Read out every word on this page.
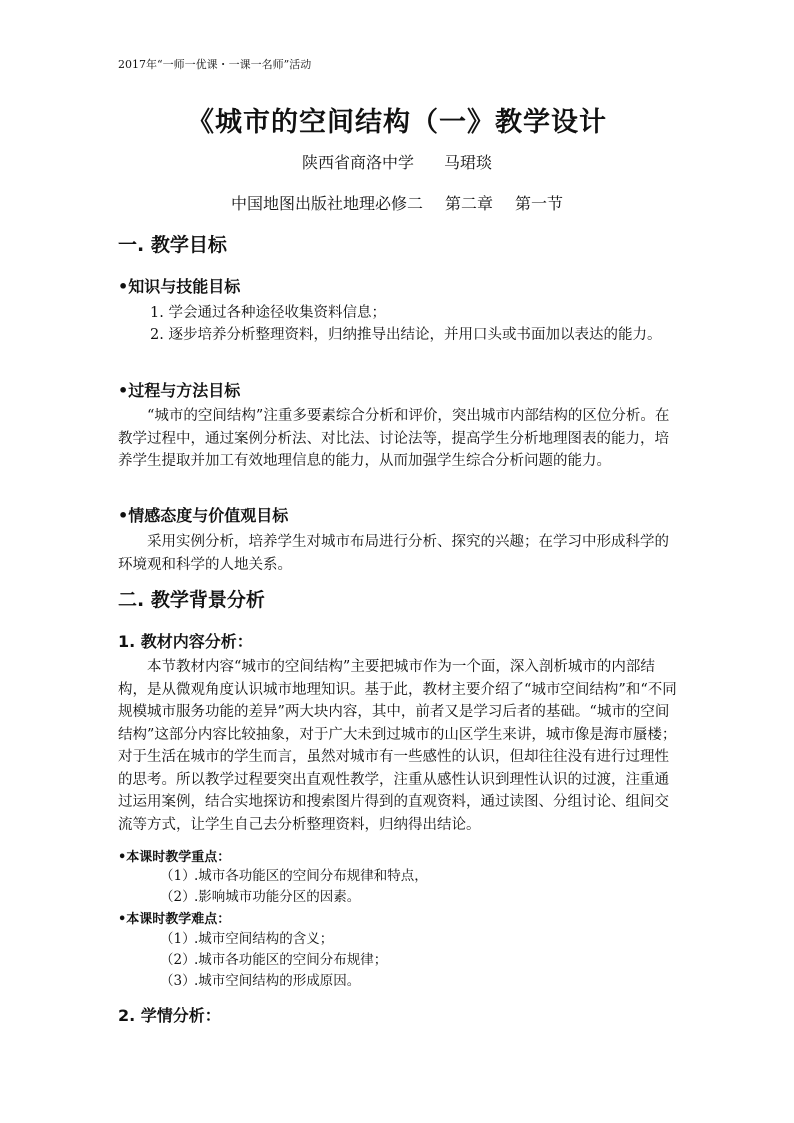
2017年“一师一优课・一课一名师”活动
《城市的空间结构（一》教学设计
陕西省商洛中学 马珺琰
中国地图出版社地理必修二 第二章 第一节
一. 教学目标
•知识与技能目标
1. 学会通过各种途径收集资料信息；
2. 逐步培养分析整理资料，归纳推导出结论，并用口头或书面加以表达的能力。
•过程与方法目标
“城市的空间结构”注重多要素综合分析和评价，突出城市内部结构的区位分析。在教学过程中，通过案例分析法、对比法、讨论法等，提高学生分析地理图表的能力，培养学生提取并加工有效地理信息的能力，从而加强学生综合分析问题的能力。
•情感态度与价值观目标
采用实例分析，培养学生对城市布局进行分析、探究的兴趣；在学习中形成科学的环境观和科学的人地关系。
二. 教学背景分析
1. 教材内容分析：
本节教材内容“城市的空间结构”主要把城市作为一个面，深入剖析城市的内部结构，是从微观角度认识城市地理知识。基于此，教材主要介绍了“城市空间结构”和“不同规模城市服务功能的差异”两大块内容，其中，前者又是学习后者的基础。“城市的空间结构”这部分内容比较抽象，对于广大未到过城市的山区学生来讲，城市像是海市蜃楼；对于生活在城市的学生而言，虽然对城市有一些感性的认识，但却往往没有进行过理性的思考。所以教学过程要突出直观性教学，注重从感性认识到理性认识的过渡，注重通过运用案例，结合实地探访和搜索图片得到的直观资料，通过读图、分组讨论、组间交流等方式，让学生自己去分析整理资料，归纳得出结论。
•本课时教学重点：
（1）.城市各功能区的空间分布规律和特点，
（2）.影响城市功能分区的因素。
•本课时教学难点：
（1）.城市空间结构的含义；
（2）.城市各功能区的空间分布规律；
（3）.城市空间结构的形成原因。
2. 学情分析：
